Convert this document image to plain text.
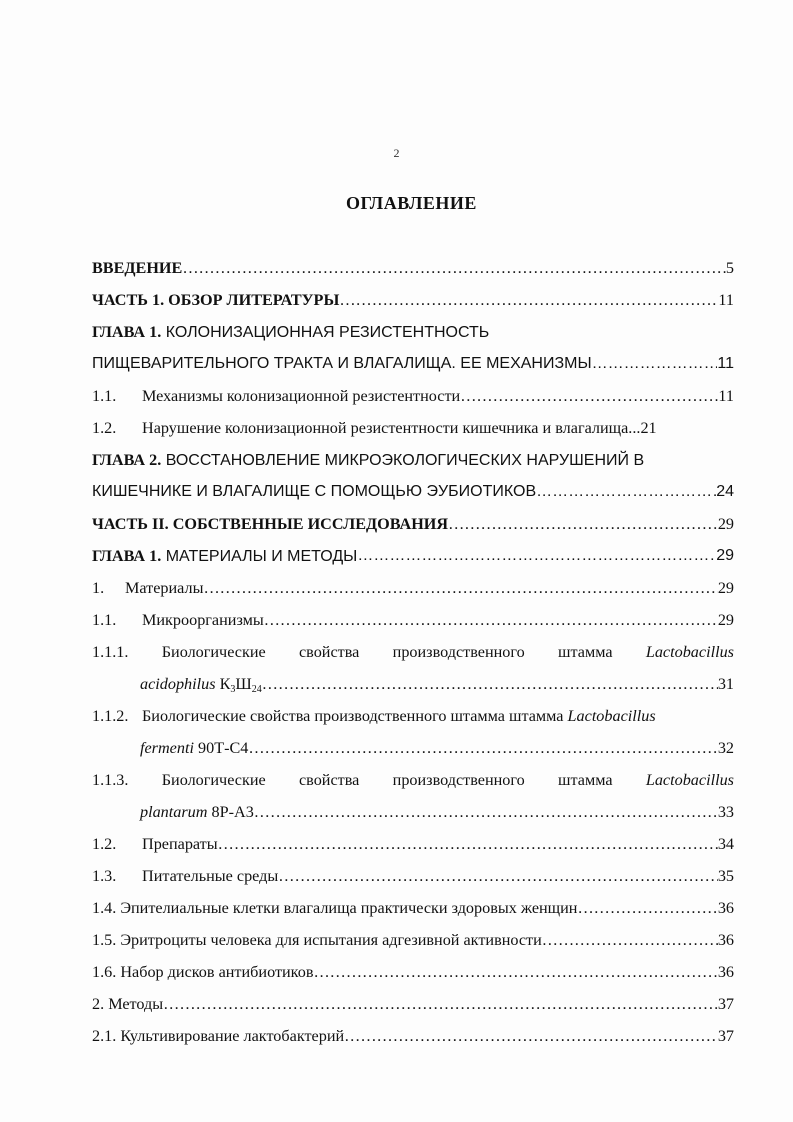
2
ОГЛАВЛЕНИЕ
ВВЕДЕНИЕ ……………………………………………………………………………………………………………………………	5
ЧАСТЬ 1. ОБЗОР ЛИТЕРАТУРЫ ……………………………………………………………………………………………………………………………	11
ГЛАВА 1. КОЛОНИЗАЦИОННАЯ РЕЗИСТЕНТНОСТЬ
ПИЩЕВАРИТЕЛЬНОГО ТРАКТА И ВЛАГАЛИЩА. ЕЕ МЕХАНИЗМЫ ……………………………………………………………………………………………………………………………	11
1.1. Механизмы колонизационной резистентности ……………………………………………………………………………………………………………………………	11
1.2. Нарушение колонизационной резистентности кишечника и влагалища ... 21
ГЛАВА 2. ВОССТАНОВЛЕНИЕ МИКРОЭКОЛОГИЧЕСКИХ НАРУШЕНИЙ В
КИШЕЧНИКЕ И ВЛАГАЛИЩЕ С ПОМОЩЬЮ ЭУБИОТИКОВ ……………………………………………………………………………………………………………………………	24
ЧАСТЬ II. СОБСТВЕННЫЕ ИССЛЕДОВАНИЯ ……………………………………………………………………………………………………………………………	29
ГЛАВА 1. МАТЕРИАЛЫ И МЕТОДЫ ……………………………………………………………………………………………………………………………	29
1. Материалы ……………………………………………………………………………………………………………………………	29
1.1. Микроорганизмы ……………………………………………………………………………………………………………………………	29
1.1.1. Биологические свойства производственного штамма Lactobacillus
acidophilus $К_3Ш_{24}$ ……………………………………………………………………………………………………………………………	31
1.1.2. Биологические свойства производственного штамма штамма Lactobacillus
fermenti 90Т-С4 ……………………………………………………………………………………………………………………………	32
1.1.3. Биологические свойства производственного штамма Lactobacillus
plantarum 8Р-А3 ……………………………………………………………………………………………………………………………	33
1.2. Препараты ……………………………………………………………………………………………………………………………	34
1.3. Питательные среды ……………………………………………………………………………………………………………………………	35
1.4. Эпителиальные клетки влагалища практически здоровых женщин ……………………………………………………………………………………………………………………………	36
1.5. Эритроциты человека для испытания адгезивной активности ……………………………………………………………………………………………………………………………	36
1.6. Набор дисков антибиотиков ……………………………………………………………………………………………………………………………	36
2. Методы ……………………………………………………………………………………………………………………………	37
2.1. Культивирование лактобактерий ……………………………………………………………………………………………………………………………	37
